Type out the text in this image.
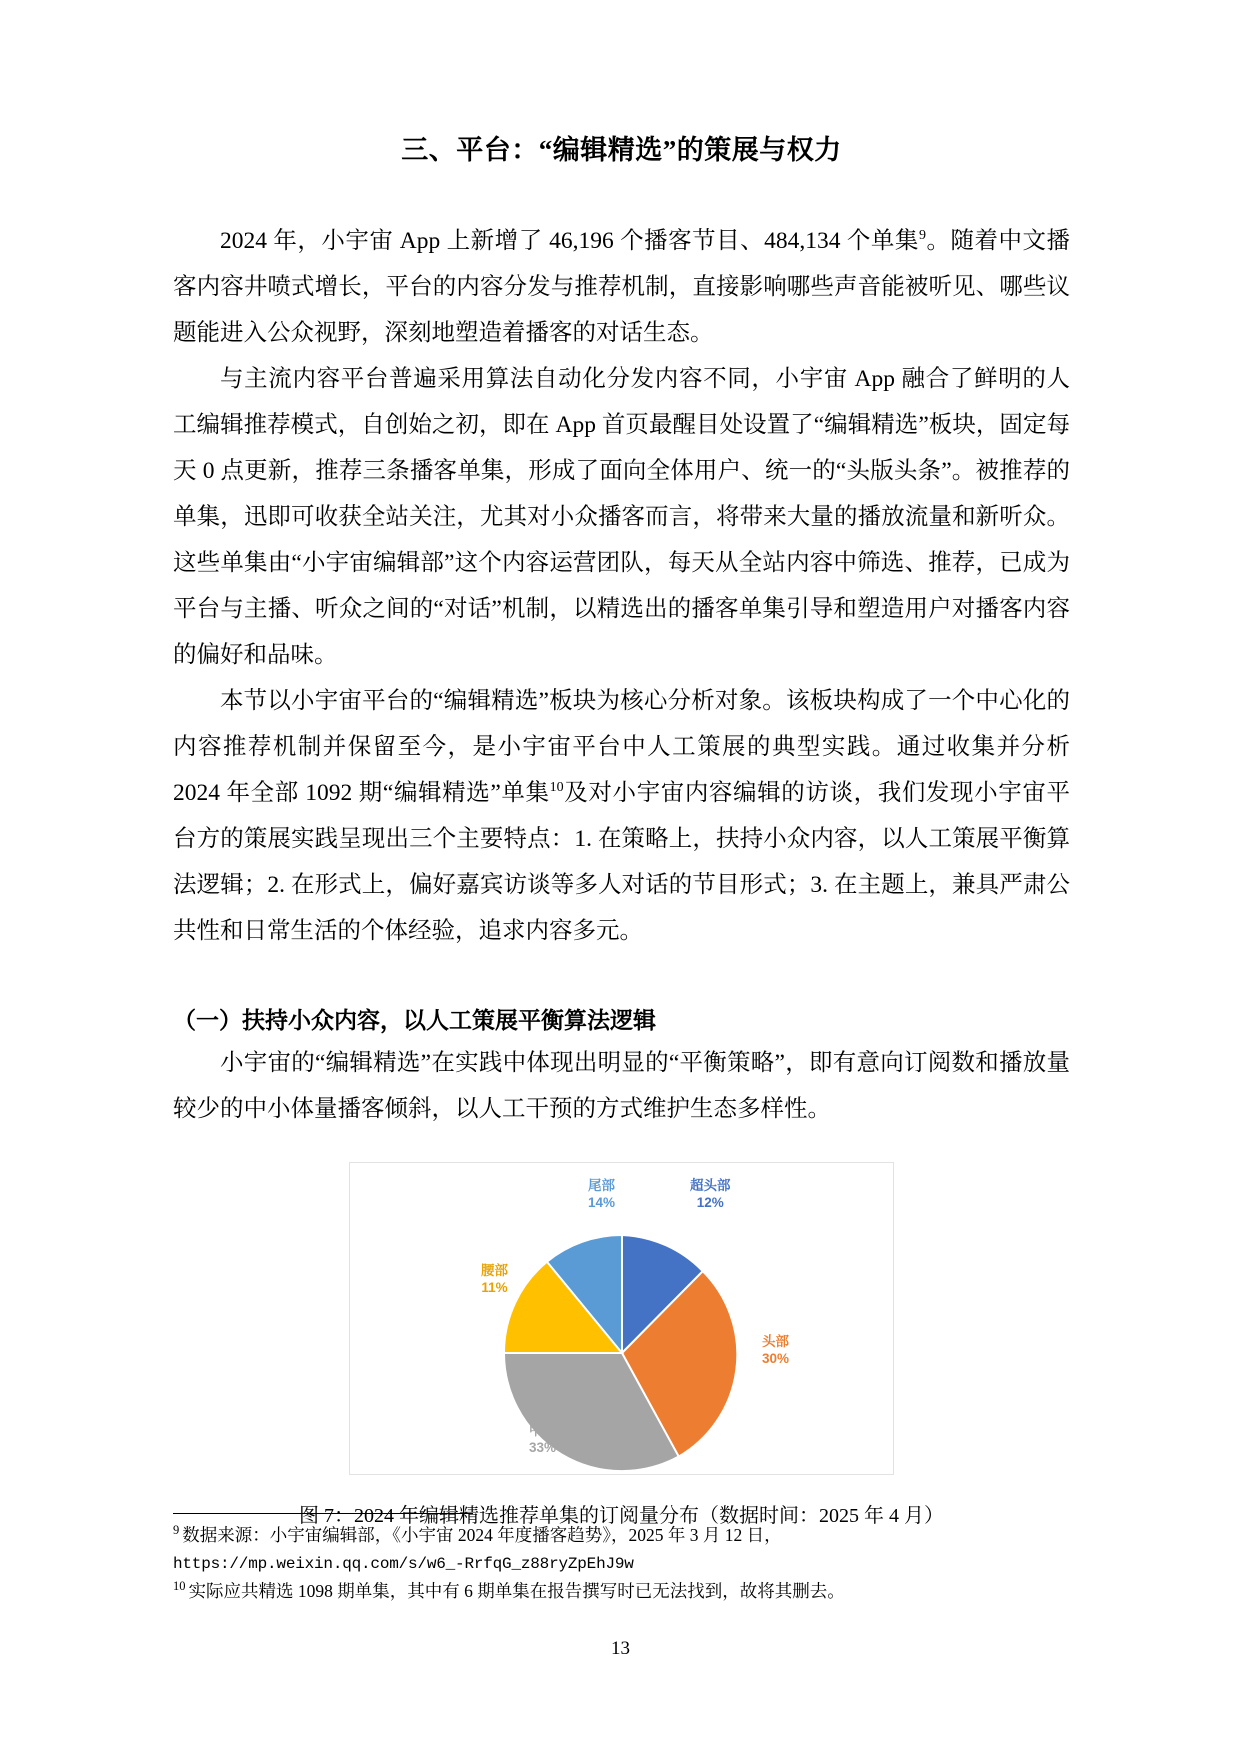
三、平台：“编辑精选”的策展与权力

2024 年，小宇宙 App 上新增了 46,196 个播客节目、484,134 个单集$^9$。随着中文播客内容井喷式增长，平台的内容分发与推荐机制，直接影响哪些声音能被听见、哪些议题能进入公众视野，深刻地塑造着播客的对话生态。

与主流内容平台普遍采用算法自动化分发内容不同，小宇宙 App 融合了鲜明的人工编辑推荐模式，自创始之初，即在 App 首页最醒目处设置了“编辑精选”板块，固定每天 0 点更新，推荐三条播客单集，形成了面向全体用户、统一的“头版头条”。被推荐的单集，迅即可收获全站关注，尤其对小众播客而言，将带来大量的播放流量和新听众。这些单集由“小宇宙编辑部”这个内容运营团队，每天从全站内容中筛选、推荐，已成为平台与主播、听众之间的“对话”机制，以精选出的播客单集引导和塑造用户对播客内容的偏好和品味。

本节以小宇宙平台的“编辑精选”板块为核心分析对象。该板块构成了一个中心化的内容推荐机制并保留至今，是小宇宙平台中人工策展的典型实践。通过收集并分析 2024 年全部 1092 期“编辑精选”单集$^{10}$及对小宇宙内容编辑的访谈，我们发现小宇宙平台方的策展实践呈现出三个主要特点：1. 在策略上，扶持小众内容，以人工策展平衡算法逻辑；2. 在形式上，偏好嘉宾访谈等多人对话的节目形式；3. 在主题上，兼具严肃公共性和日常生活的个体经验，追求内容多元。

（一）扶持小众内容，以人工策展平衡算法逻辑

小宇宙的“编辑精选”在实践中体现出明显的“平衡策略”，即有意向订阅数和播放量较少的中小体量播客倾斜，以人工干预的方式维护生态多样性。

尾部
14%
超头部
12%
腰部
11%
头部
30%
中部
33%
图 7：2024 年编辑精选推荐单集的订阅量分布（数据时间：2025 年 4 月）

$^9$ 数据来源：小宇宙编辑部，《小宇宙 2024 年度播客趋势》，2025 年 3 月 12 日，
https://mp.weixin.qq.com/s/w6_-RrfqG_z88ryZpEhJ9w

$^{10}$ 实际应共精选 1098 期单集，其中有 6 期单集在报告撰写时已无法找到，故将其删去。

13
